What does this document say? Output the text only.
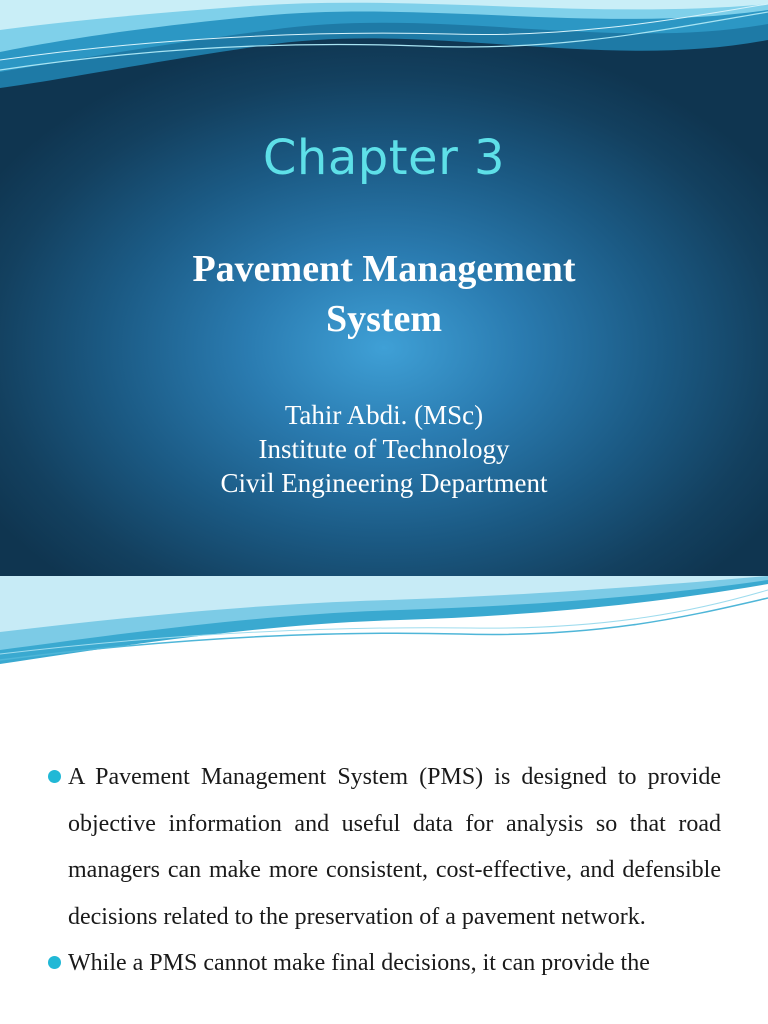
Chapter 3
Pavement Management
System
Tahir Abdi. (MSc)
Institute of Technology
Civil Engineering Department
A Pavement Management System (PMS) is designed to provide objective information and useful data for analysis so that road managers can make more consistent, cost-effective, and defensible decisions related to the preservation of a pavement network.
While a PMS cannot make final decisions, it can provide the
